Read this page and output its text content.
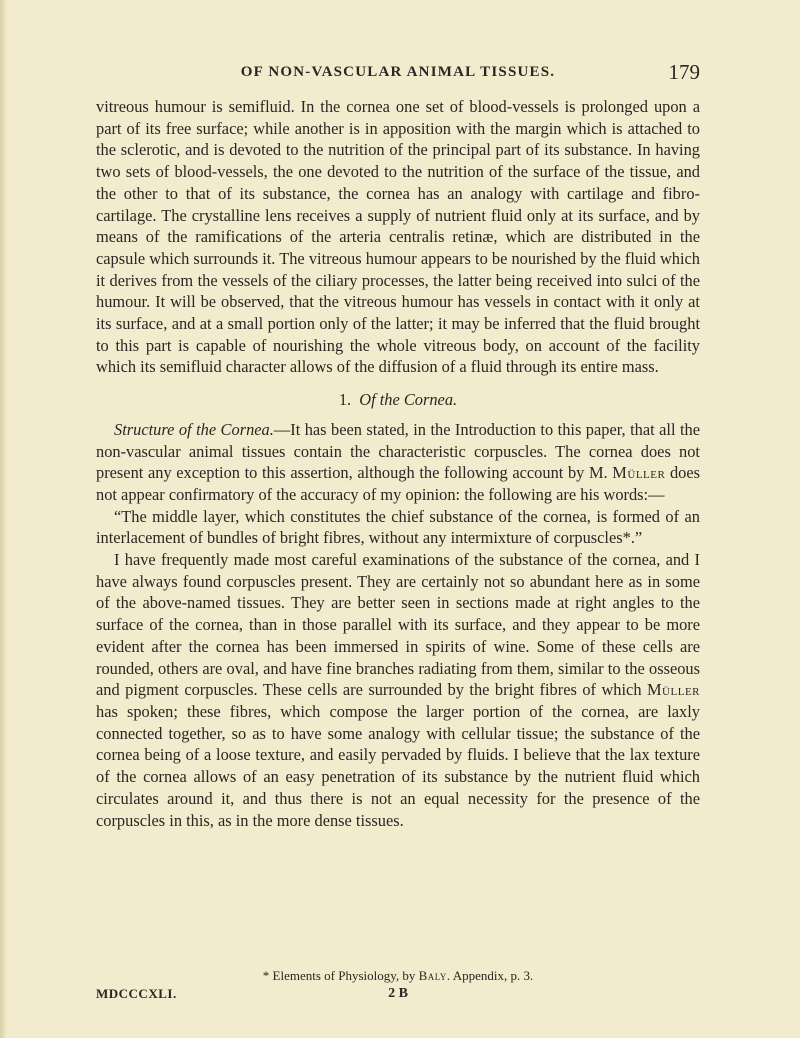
OF NON-VASCULAR ANIMAL TISSUES.	179

vitreous humour is semifluid. In the cornea one set of blood-vessels is prolonged upon a part of its free surface; while another is in apposition with the margin which is attached to the sclerotic, and is devoted to the nutrition of the principal part of its substance. In having two sets of blood-vessels, the one devoted to the nutrition of the surface of the tissue, and the other to that of its substance, the cornea has an analogy with cartilage and fibro-cartilage. The crystalline lens receives a supply of nutrient fluid only at its surface, and by means of the ramifications of the arteria centralis retinæ, which are distributed in the capsule which surrounds it. The vitreous humour appears to be nourished by the fluid which it derives from the vessels of the ciliary processes, the latter being received into sulci of the humour. It will be observed, that the vitreous humour has vessels in contact with it only at its surface, and at a small portion only of the latter; it may be inferred that the fluid brought to this part is capable of nourishing the whole vitreous body, on account of the facility which its semifluid character allows of the diffusion of a fluid through its entire mass.

1. Of the Cornea.

Structure of the Cornea.—It has been stated, in the Introduction to this paper, that all the non-vascular animal tissues contain the characteristic corpuscles. The cornea does not present any exception to this assertion, although the following account by M. Müller does not appear confirmatory of the accuracy of my opinion: the following are his words:—

“The middle layer, which constitutes the chief substance of the cornea, is formed of an interlacement of bundles of bright fibres, without any intermixture of corpuscles*.”

I have frequently made most careful examinations of the substance of the cornea, and I have always found corpuscles present. They are certainly not so abundant here as in some of the above-named tissues. They are better seen in sections made at right angles to the surface of the cornea, than in those parallel with its surface, and they appear to be more evident after the cornea has been immersed in spirits of wine. Some of these cells are rounded, others are oval, and have fine branches radiating from them, similar to the osseous and pigment corpuscles. These cells are surrounded by the bright fibres of which Müller has spoken; these fibres, which compose the larger portion of the cornea, are laxly connected together, so as to have some analogy with cellular tissue; the substance of the cornea being of a loose texture, and easily pervaded by fluids. I believe that the lax texture of the cornea allows of an easy penetration of its substance by the nutrient fluid which circulates around it, and thus there is not an equal necessity for the presence of the corpuscles in this, as in the more dense tissues.

* Elements of Physiology, by Baly. Appendix, p. 3.
MDCCCXLI.	2 B
